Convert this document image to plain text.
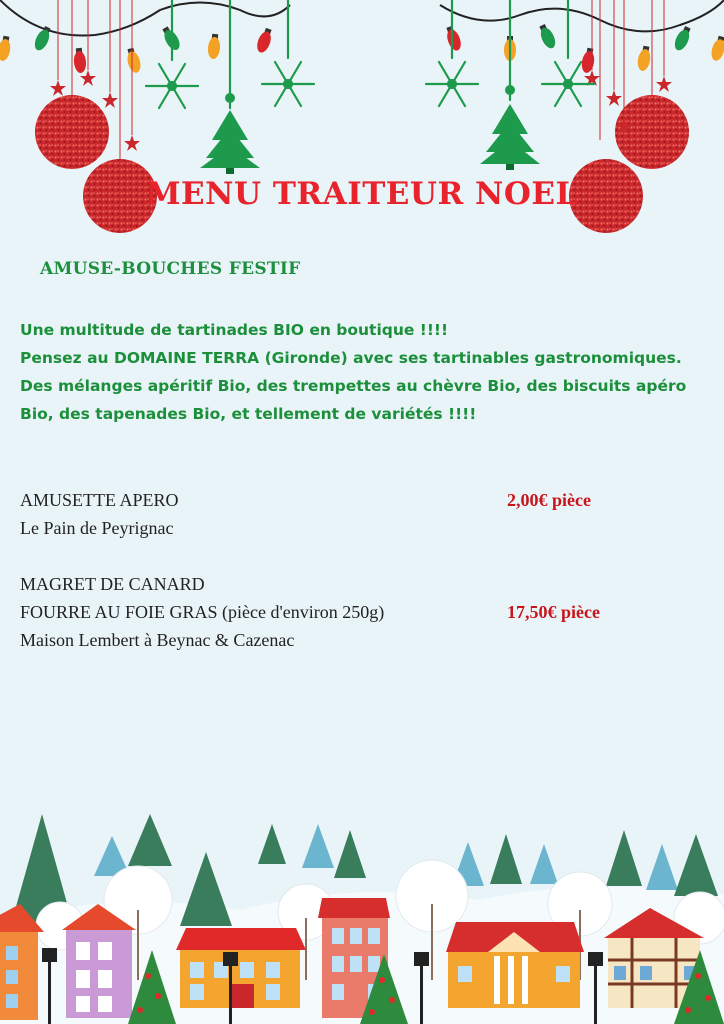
MENU TRAITEUR NOEL
AMUSE-BOUCHES FESTIF

Une multitude de tartinades BIO en boutique !!!!

Pensez au DOMAINE TERRA (Gironde) avec ses tartinables gastronomiques.

Des mélanges apéritif Bio, des trempettes au chèvre Bio, des biscuits apéro Bio, des tapenades Bio, et tellement de variétés !!!!

AMUSETTE APERO
Le Pain de Peyrignac
2,00€ pièce
MAGRET DE CANARD
FOURRE AU FOIE GRAS (pièce d'environ 250g)
Maison Lembert à Beynac & Cazenac
17,50€ pièce
